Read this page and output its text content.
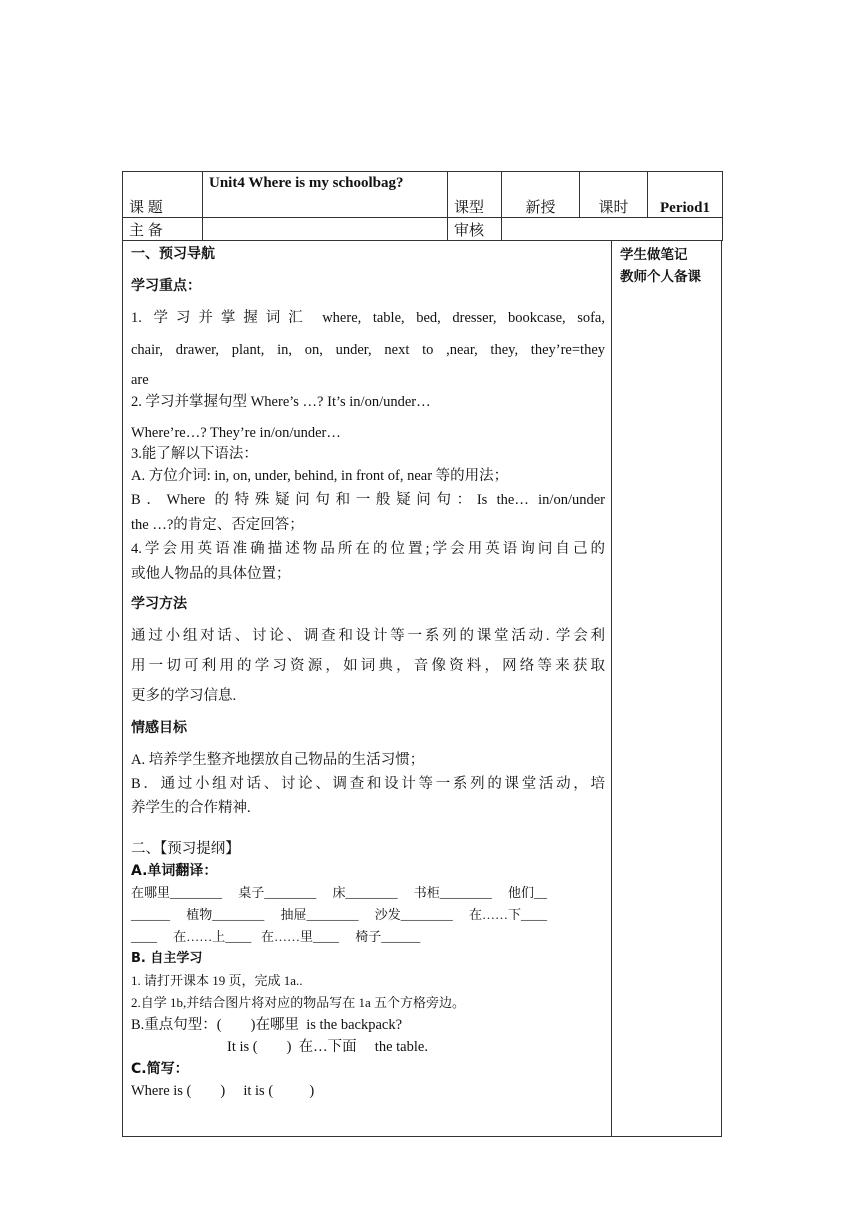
课 题	Unit4 Where is my schoolbag?	课型	新授	课时	Period1
主 备		审核			

一、预习导航

学习重点：

1. 学习并掌握词汇 where, table, bed, dresser, bookcase, sofa,

chair, drawer, plant, in, on, under, next to ,near, they, they’re=they

are

2. 学习并掌握句型 Where’s …? It’s in/on/under…

Where’re…? They’re in/on/under…

3.能了解以下语法：

A. 方位介词: in, on, under, behind, in front of, near 等的用法；

B．Where 的特殊疑问句和一般疑问句：Is the… in/on/under

the …?的肯定、否定回答；

4.学会用英语准确描述物品所在的位置;学会用英语询问自己的

或他人物品的具体位置；

学习方法

通过小组对话、讨论、调查和设计等一系列的课堂活动. 学会利

用一切可利用的学习资源，如词典，音像资料，网络等来获取

更多的学习信息.

情感目标

A. 培养学生整齐地摆放自己物品的生活习惯；

B．通过小组对话、讨论、调查和设计等一系列的课堂活动，培

养学生的合作精神.

二、【预习提纲】

A.单词翻译：

在哪里________     桌子________     床________     书柜________     他们__

______     植物________     抽屉________     沙发________     在……下____

____     在……上____   在……里____     椅子______

B. 自主学习

1. 请打开课本 19 页，完成 1a..

2.自学 1b,并结合图片将对应的物品写在 1a 五个方格旁边。

B.重点句型：(        )在哪里  is the backpack?

It is (        )  在…下面     the table.

C.简写：

Where is (        )     it is (          )

学生做笔记
教师个人备课
